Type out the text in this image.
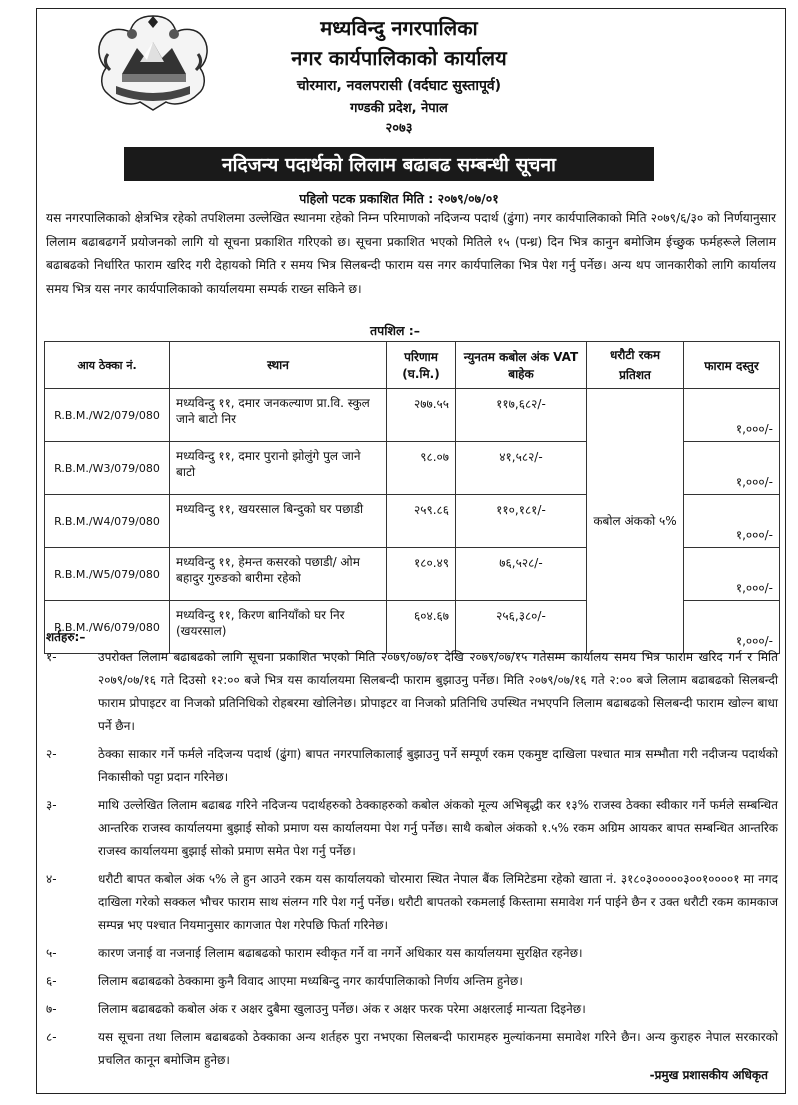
मध्यविन्दु नगरपालिका
नगर कार्यपालिकाको कार्यालय
चोरमारा, नवलपरासी (वर्दघाट सुस्तापूर्व)
गण्डकी प्रदेश, नेपाल
२०७३
नदिजन्य पदार्थको लिलाम बढाबढ सम्बन्धी सूचना
पहिलो पटक प्रकाशित मिति : २०७९/०७/०१
यस नगरपालिकाको क्षेत्रभित्र रहेको तपशिलमा उल्लेखित स्थानमा रहेको निम्न परिमाणको नदिजन्य पदार्थ (ढुंगा) नगर कार्यपालिकाको मिति २०७९/६/३० को निर्णयानुसार लिलाम बढाबढगर्ने प्रयोजनको लागि यो सूचना प्रकाशित गरिएको छ। सूचना प्रकाशित भएको मितिले १५ (पन्ध्र) दिन भित्र कानुन बमोजिम ईच्छुक फर्महरूले लिलाम बढाबढको निर्धारित फाराम खरिद गरी देहायको मिति र समय भित्र सिलबन्दी फाराम यस नगर कार्यपालिका भित्र पेश गर्नु पर्नेछ। अन्य थप जानकारीको लागि कार्यालय समय भित्र यस नगर कार्यपालिकाको कार्यालयमा सम्पर्क राख्न सकिने छ।
तपशिल :–
आय ठेक्का नं.	स्थान	परिणाम (घ.मि.)	न्युनतम कबोल अंक VAT बाहेक	धरौटी रकम प्रतिशत	फाराम दस्तुर
R.B.M./W2/079/080	मध्यविन्दु ११, दमार जनकल्याण प्रा.वि. स्कुल जाने बाटो निर	२७७.५५	११७,६८२/-	कबोल अंकको ५%	१,०००/-
R.B.M./W3/079/080	मध्यविन्दु ११, दमार पुरानो झोलुंगे पुल जाने बाटो	९८.०७	४१,५८२/-		१,०००/-
R.B.M./W4/079/080	मध्यविन्दु ११, खयरसाल बिन्दुको घर पछाडी	२५९.८६	११०,१८१/-		१,०००/-
R.B.M./W5/079/080	मध्यविन्दु ११, हेमन्त कसरको पछाडी/ ओम बहादुर गुरुङको बारीमा रहेको	१८०.४९	७६,५२८/-		१,०००/-
R.B.M./W6/079/080	मध्यविन्दु ११, किरण बानियाँको घर निर (खयरसाल)	६०४.६७	२५६,३८०/-		१,०००/-
शर्तहरु:–
१-	उपरोक्त लिलाम बढाबढको लागि सूचना प्रकाशित भएको मिति २०७९/०७/०१ देखि २०७९/०७/१५ गतेसम्म कार्यालय समय भित्र फाराम खरिद गर्न र मिति २०७९/०७/१६ गते दिउसो १२:०० बजे भित्र यस कार्यालयमा सिलबन्दी फाराम बुझाउनु पर्नेछ। मिति २०७९/०७/१६ गते २:०० बजे लिलाम बढाबढको सिलबन्दी फाराम प्रोपाइटर वा निजको प्रतिनिधिको रोहबरमा खोलिनेछ। प्रोपाइटर वा निजको प्रतिनिधि उपस्थित नभएपनि लिलाम बढाबढको सिलबन्दी फाराम खोल्न बाधा पर्ने छैन।
२-	ठेक्का साकार गर्ने फर्मले नदिजन्य पदार्थ (ढुंगा) बापत नगरपालिकालाई बुझाउनु पर्ने सम्पूर्ण रकम एकमुष्ट दाखिला पश्चात मात्र सम्भौता गरी नदीजन्य पदार्थको निकासीको पट्टा प्रदान गरिनेछ।
३-	माथि उल्लेखित लिलाम बढाबढ गरिने नदिजन्य पदार्थहरुको ठेक्काहरुको कबोल अंकको मूल्य अभिबृद्धी कर १३% राजस्व ठेक्का स्वीकार गर्ने फर्मले सम्बन्धित आन्तरिक राजस्व कार्यालयमा बुझाई सोको प्रमाण यस कार्यालयमा पेश गर्नु पर्नेछ। साथै कबोल अंकको १.५% रकम अग्रिम आयकर बापत सम्बन्धित आन्तरिक राजस्व कार्यालयमा बुझाई सोको प्रमाण समेत पेश गर्नु पर्नेछ।
४-	धरौटी बापत कबोल अंक ५% ले हुन आउने रकम यस कार्यालयको चोरमारा स्थित नेपाल बैंक लिमिटेडमा रहेको खाता नं. ३१८०३०००००३००१००००१ मा नगद दाखिला गरेको सक्कल भौचर फाराम साथ संलग्न गरि पेश गर्नु पर्नेछ। धरौटी बापतको रकमलाई किस्तामा समावेश गर्न पाईने छैन र उक्त धरौटी रकम कामकाज सम्पन्न भए पश्चात नियमानुसार कागजात पेश गरेपछि फिर्ता गरिनेछ।
५-	कारण जनाई वा नजनाई लिलाम बढाबढको फाराम स्वीकृत गर्ने वा नगर्ने अधिकार यस कार्यालयमा सुरक्षित रहनेछ।
६-	लिलाम बढाबढको ठेक्कामा कुनै विवाद आएमा मध्यबिन्दु नगर कार्यपालिकाको निर्णय अन्तिम हुनेछ।
७-	लिलाम बढाबढको कबोल अंक र अक्षर दुबैमा खुलाउनु पर्नेछ। अंक र अक्षर फरक परेमा अक्षरलाई मान्यता दिइनेछ।
८-	यस सूचना तथा लिलाम बढाबढको ठेक्काका अन्य शर्तहरु पुरा नभएका सिलबन्दी फारामहरु मुल्यांकनमा समावेश गरिने छैन। अन्य कुराहरु नेपाल सरकारको प्रचलित कानून बमोजिम हुनेछ।
-प्रमुख प्रशासकीय अधिकृत
